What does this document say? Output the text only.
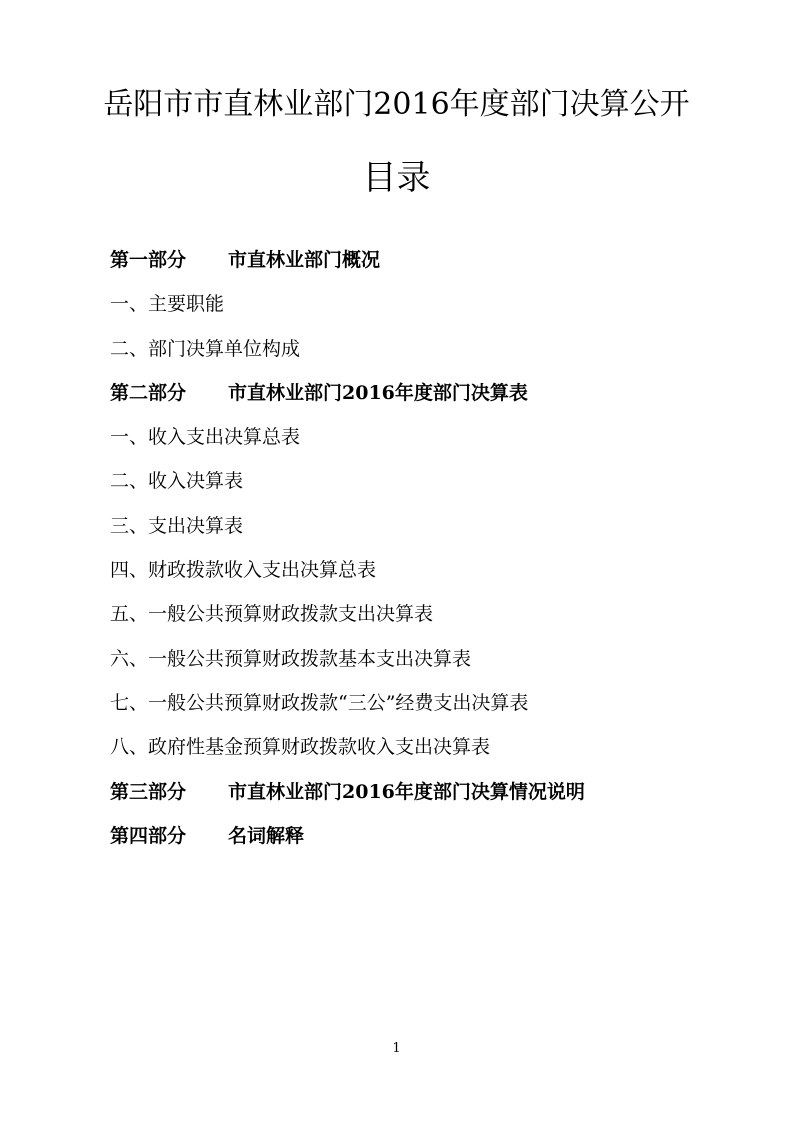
岳阳市市直林业部门2016年度部门决算公开
目录
第一部分 市直林业部门概况
一、主要职能
二、部门决算单位构成
第二部分 市直林业部门2016年度部门决算表
一、收入支出决算总表
二、收入决算表
三、支出决算表
四、财政拨款收入支出决算总表
五、一般公共预算财政拨款支出决算表
六、一般公共预算财政拨款基本支出决算表
七、一般公共预算财政拨款“三公”经费支出决算表
八、政府性基金预算财政拨款收入支出决算表
第三部分 市直林业部门2016年度部门决算情况说明
第四部分 名词解释
1
